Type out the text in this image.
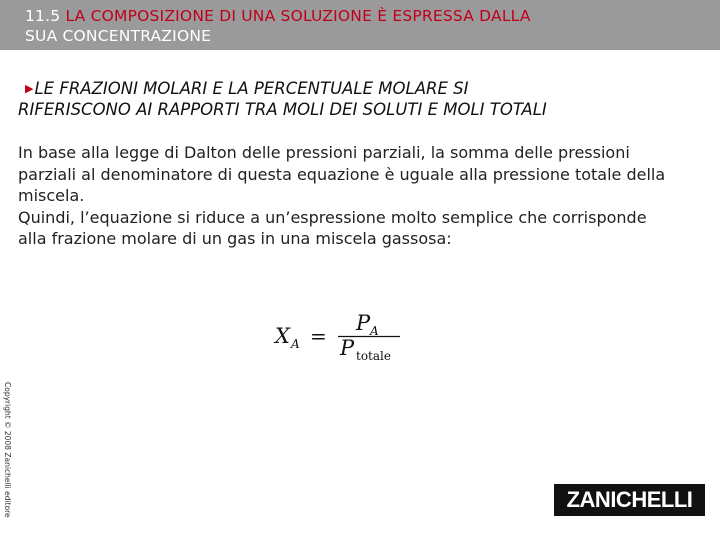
11.5 LA COMPOSIZIONE DI UNA SOLUZIONE È ESPRESSA DALLA
SUA CONCENTRAZIONE
▶LE FRAZIONI MOLARI E LA PERCENTUALE MOLARE SI
RIFERISCONO AI RAPPORTI TRA MOLI DEI SOLUTI E MOLI TOTALI

In base alla legge di Dalton delle pressioni parziali, la somma delle pressioni parziali al denominatore di questa equazione è uguale alla pressione totale della miscela.

Quindi, l’equazione si riduce a un’espressione molto semplice che corrisponde alla frazione molare di un gas in una miscela gassosa:

X A =
P A
P totale
Copyright © 2008 Zanichelli editore	ZANICHELLI
